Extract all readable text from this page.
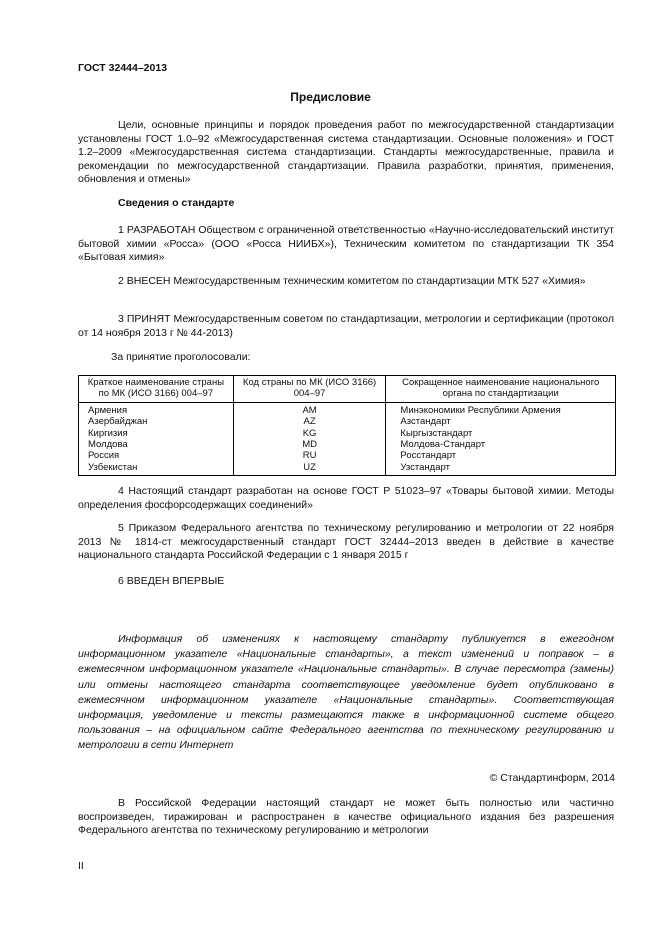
ГОСТ 32444–2013
Предисловие

Цели, основные принципы и порядок проведения работ по межгосударственной стандартизации установлены ГОСТ 1.0–92 «Межгосударственная система стандартизации. Основные положения» и ГОСТ 1.2–2009 «Межгосударственная система стандартизации. Стандарты межгосударственные, правила и рекомендации по межгосударственной стандартизации. Правила разработки, принятия, применения, обновления и отмены»

Сведения о стандарте

1 РАЗРАБОТАН Обществом с ограниченной ответственностью «Научно-исследовательский институт бытовой химии «Росса» (ООО «Росса НИИБХ»), Техническим комитетом по стандартизации ТК 354 «Бытовая химия»

2 ВНЕСЕН Межгосударственным техническим комитетом по стандартизации МТК 527 «Химия»

3 ПРИНЯТ Межгосударственным советом по стандартизации, метрологии и сертификации (протокол от 14 ноября 2013 г № 44-2013)

За принятие проголосовали:
Краткое наименование страны по МК (ИСО 3166) 004–97	Код страны по МК (ИСО 3166) 004–97	Сокращенное наименование национального органа по стандартизации
Армения	AM	Минэкономики Республики Армения
Азербайджан	AZ	Азстандарт
Киргизия	KG	Кыргызстандарт
Молдова	MD	Молдова-Стандарт
Россия	RU	Росстандарт
Узбекистан	UZ	Узстандарт

4 Настоящий стандарт разработан на основе ГОСТ Р 51023–97 «Товары бытовой химии. Методы определения фосфорсодержащих соединений»

5 Приказом Федерального агентства по техническому регулированию и метрологии от 22 ноября 2013 № 1814-ст межгосударственный стандарт ГОСТ 32444–2013 введен в действие в качестве национального стандарта Российской Федерации с 1 января 2015 г

6 ВВЕДЕН ВПЕРВЫЕ

Информация об изменениях к настоящему стандарту публикуется в ежегодном информационном указателе «Национальные стандарты», а текст изменений и поправок – в ежемесячном информационном указателе «Национальные стандарты». В случае пересмотра (замены) или отмены настоящего стандарта соответствующее уведомление будет опубликовано в ежемесячном информационном указателе «Национальные стандарты». Соответствующая информация, уведомление и тексты размещаются также в информационной системе общего пользования – на официальном сайте Федерального агентства по техническому регулированию и метрологии в сети Интернет

© Стандартинформ, 2014

В Российской Федерации настоящий стандарт не может быть полностью или частично воспроизведен, тиражирован и распространен в качестве официального издания без разрешения Федерального агентства по техническому регулированию и метрологии

II
